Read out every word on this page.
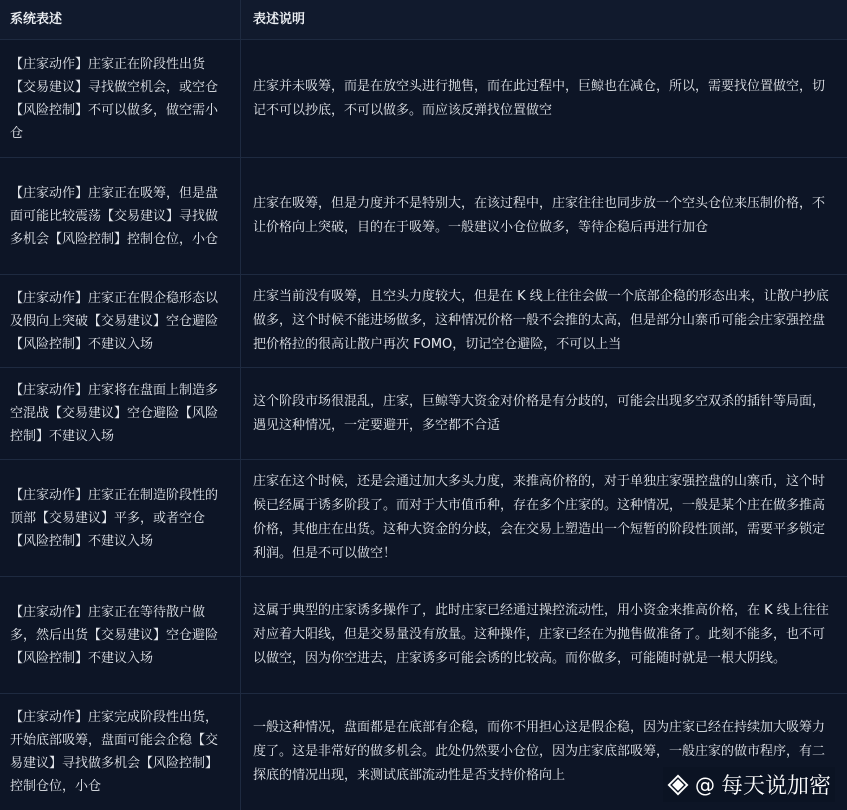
系统表述	表述说明
【庄家动作】庄家正在阶段性出货【交易建议】寻找做空机会，或空仓【风险控制】不可以做多，做空需小仓
庄家并未吸筹，而是在放空头进行抛售，而在此过程中，巨鲸也在减仓，所以，需要找位置做空，切记不可以抄底，不可以做多。而应该反弹找位置做空
【庄家动作】庄家正在吸筹，但是盘面可能比较震荡【交易建议】寻找做多机会【风险控制】控制仓位，小仓
庄家在吸筹，但是力度并不是特别大，在该过程中，庄家往往也同步放一个空头仓位来压制价格，不让价格向上突破，目的在于吸筹。一般建议小仓位做多，等待企稳后再进行加仓
【庄家动作】庄家正在假企稳形态以及假向上突破【交易建议】空仓避险【风险控制】不建议入场
庄家当前没有吸筹，且空头力度较大，但是在 K 线上往往会做一个底部企稳的形态出来，让散户抄底做多，这个时候不能进场做多，这种情况价格一般不会推的太高，但是部分山寨币可能会庄家强控盘把价格拉的很高让散户再次 FOMO，切记空仓避险，不可以上当
【庄家动作】庄家将在盘面上制造多空混战【交易建议】空仓避险【风险控制】不建议入场
这个阶段市场很混乱，庄家，巨鲸等大资金对价格是有分歧的，可能会出现多空双杀的插针等局面，遇见这种情况，一定要避开，多空都不合适
【庄家动作】庄家正在制造阶段性的顶部【交易建议】平多，或者空仓【风险控制】不建议入场
庄家在这个时候，还是会通过加大多头力度，来推高价格的，对于单独庄家强控盘的山寨币，这个时候已经属于诱多阶段了。而对于大市值币种，存在多个庄家的。这种情况，一般是某个庄在做多推高价格，其他庄在出货。这种大资金的分歧，会在交易上塑造出一个短暂的阶段性顶部，需要平多锁定利润。但是不可以做空！
【庄家动作】庄家正在等待散户做多，然后出货【交易建议】空仓避险【风险控制】不建议入场
这属于典型的庄家诱多操作了，此时庄家已经通过操控流动性，用小资金来推高价格，在 K 线上往往对应着大阳线，但是交易量没有放量。这种操作，庄家已经在为抛售做准备了。此刻不能多，也不可以做空，因为你空进去，庄家诱多可能会诱的比较高。而你做多，可能随时就是一根大阴线。
【庄家动作】庄家完成阶段性出货，开始底部吸筹，盘面可能会企稳【交易建议】寻找做多机会【风险控制】控制仓位，小仓
一般这种情况，盘面都是在底部有企稳，而你不用担心这是假企稳，因为庄家已经在持续加大吸筹力度了。这是非常好的做多机会。此处仍然要小仓位，因为庄家底部吸筹，一般庄家的做市程序，有二探底的情况出现，来测试底部流动性是否支持价格向上	@ 每天说加密
